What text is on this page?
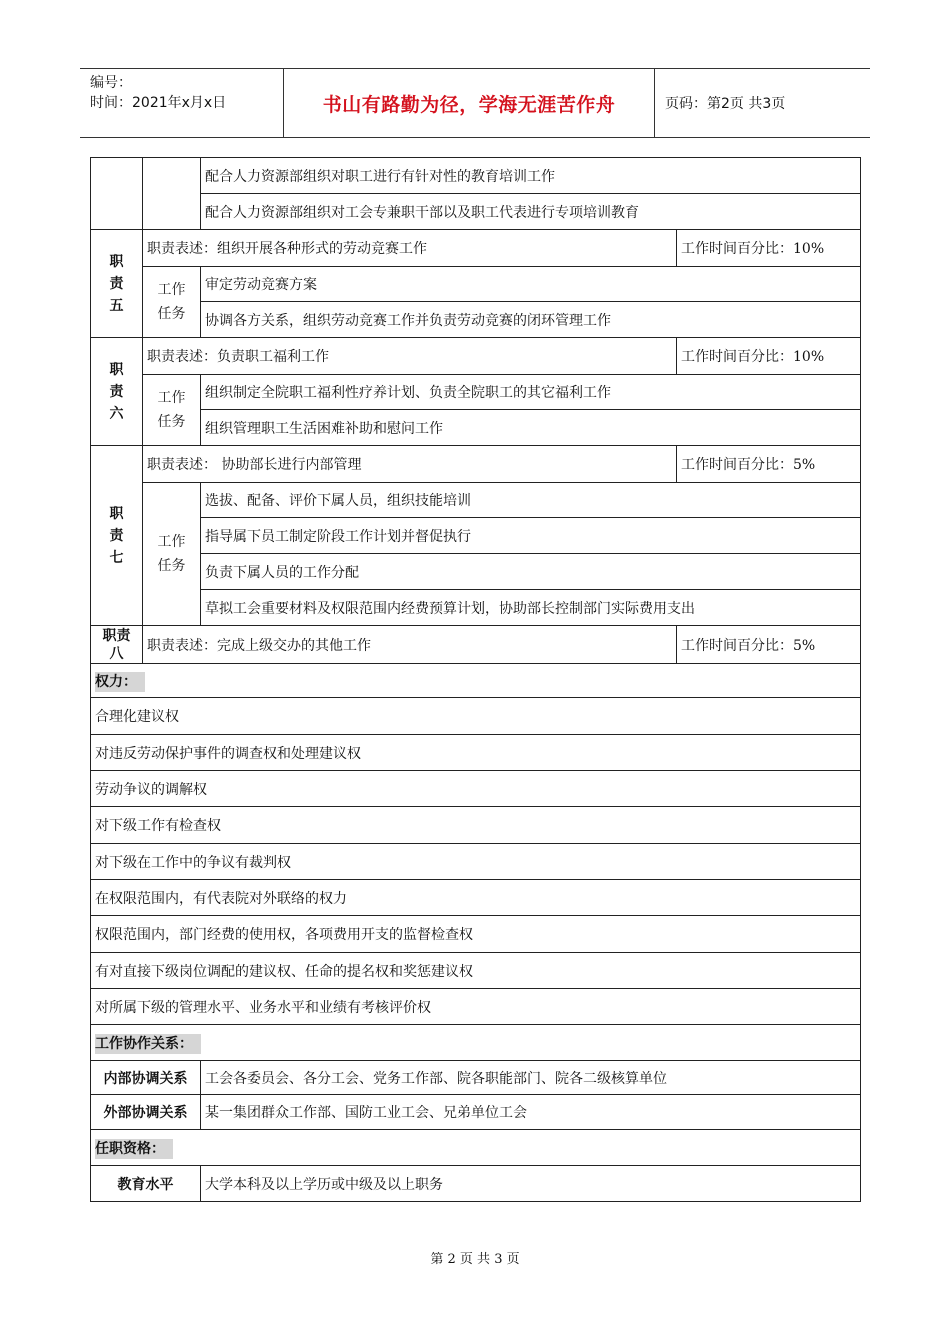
编号：
时间：2021年x月x日	书山有路勤为径，学海无涯苦作舟	页码：第2页 共3页
		配合人力资源部组织对职工进行有针对性的教育培训工作	
		配合人力资源部组织对工会专兼职干部以及职工代表进行专项培训教育	
职
责
五	职责表述：组织开展各种形式的劳动竞赛工作		工作时间百分比：10%
	工作
任务	审定劳动竞赛方案	
		协调各方关系，组织劳动竞赛工作并负责劳动竞赛的闭环管理工作	
职
责
六	职责表述：负责职工福利工作		工作时间百分比：10%
	工作
任务	组织制定全院职工福利性疗养计划、负责全院职工的其它福利工作	
		组织管理职工生活困难补助和慰问工作	
职
责
七	职责表述： 协助部长进行内部管理		工作时间百分比：5%
	工作
任务	选拔、配备、评价下属人员，组织技能培训	
		指导属下员工制定阶段工作计划并督促执行	
		负责下属人员的工作分配	
		草拟工会重要材料及权限范围内经费预算计划，协助部长控制部门实际费用支出	
职责
八	职责表述：完成上级交办的其他工作		工作时间百分比：5%
权力：			
合理化建议权			
对违反劳动保护事件的调查权和处理建议权			
劳动争议的调解权			
对下级工作有检查权			
对下级在工作中的争议有裁判权			
在权限范围内，有代表院对外联络的权力			
权限范围内，部门经费的使用权，各项费用开支的监督检查权			
有对直接下级岗位调配的建议权、任命的提名权和奖惩建议权			
对所属下级的管理水平、业务水平和业绩有考核评价权			
工作协作关系：			
内部协调关系		工会各委员会、各分工会、党务工作部、院各职能部门、院各二级核算单位	
外部协调关系		某一集团群众工作部、国防工业工会、兄弟单位工会	
任职资格：			
教育水平		大学本科及以上学历或中级及以上职务	
第 2 页 共 3 页
